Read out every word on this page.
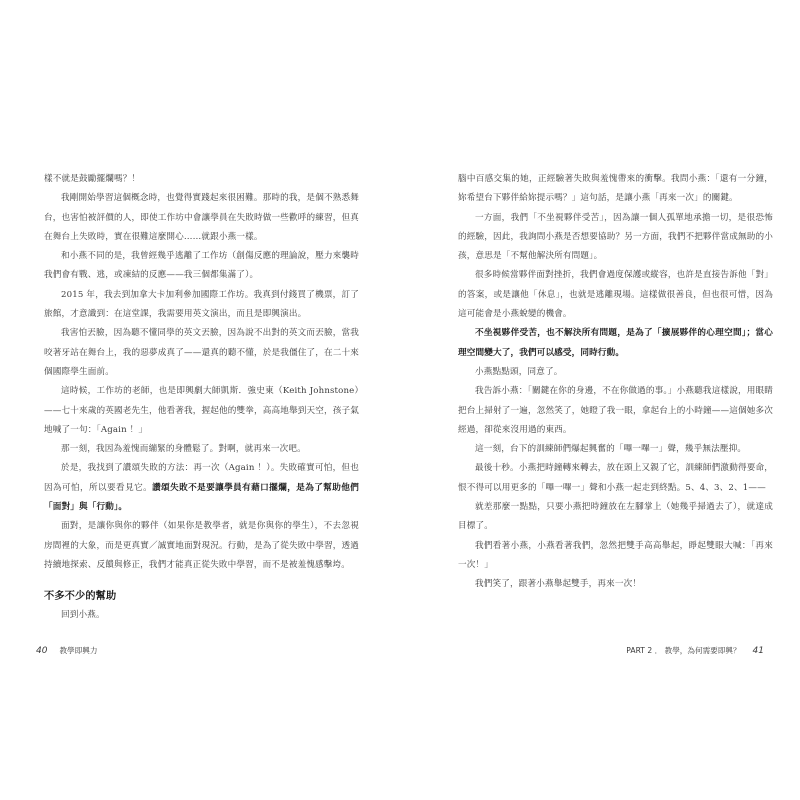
樣不就是鼓勵擺爛嗎？！

我剛開始學習這個概念時，也覺得實踐起來很困難。那時的我，是個不熟悉舞台，也害怕被評價的人，即使工作坊中會讓學員在失敗時做一些歡呼的練習，但真在舞台上失敗時，實在很難這麼開心……就跟小燕一樣。

和小燕不同的是，我曾經幾乎逃離了工作坊（創傷反應的理論說，壓力來襲時我們會有戰、逃，或凍結的反應——我三個都集滿了）。

2015 年，我去到加拿大卡加利參加國際工作坊。我真到付錢買了機票，訂了旅館，才意識到：在這堂課，我需要用英文演出，而且是即興演出。

我害怕丟臉，因為聽不懂同學的英文丟臉，因為說不出對的英文而丟臉，當我咬著牙站在舞台上，我的惡夢成真了——還真的聽不懂，於是我僵住了，在二十來個國際學生面前。

這時候，工作坊的老師，也是即興劇大師凱斯．強史東（Keith Johnstone）——七十來歲的英國老先生，他看著我，握起他的雙拳，高高地舉到天空，孩子氣地喊了一句：「Again ！」

那一刻，我因為羞愧而繃緊的身體鬆了。對啊，就再來一次吧。

於是，我找到了讚頌失敗的方法：再一次（Again ！）。失敗確實可怕，但也因為可怕，所以要看見它。讚頌失敗不是要讓學員有藉口擺爛，是為了幫助他們「面對」與「行動」。

面對，是讓你與你的夥伴（如果你是教學者，就是你與你的學生），不去忽視房間裡的大象，而是更真實／誠實地面對現況。行動，是為了從失敗中學習，透過持續地探索、反饋與修正，我們才能真正從失敗中學習，而不是被羞愧感擊垮。

不多不少的幫助

回到小燕。

腦中百感交集的她，正經驗著失敗與羞愧帶來的衝擊。我問小燕：「還有一分鐘，妳希望台下夥伴給妳提示嗎？」這句話，是讓小燕「再來一次」的關鍵。

一方面，我們「不坐視夥伴受苦」，因為讓一個人孤單地承擔一切，是很恐怖的經驗，因此，我詢問小燕是否想要協助？另一方面，我們不把夥伴當成無助的小孩，意思是「不幫他解決所有問題」。

很多時候當夥伴面對挫折，我們會過度保護或縱容，也許是直接告訴他「對」的答案，或是讓他「休息」，也就是逃離現場。這樣做很善良，但也很可惜，因為這可能會是小燕蛻變的機會。

不坐視夥伴受苦，也不解決所有問題，是為了「擴展夥伴的心理空間」；當心理空間變大了，我們可以感受，同時行動。

小燕點點頭，同意了。

我告訴小燕：「關鍵在你的身邊，不在你做過的事。」小燕聽我這樣說，用眼睛把台上掃射了一遍，忽然笑了，她瞪了我一眼，拿起台上的小時鐘——這個她多次經過，卻從來沒用過的東西。

這一刻，台下的訓練師們爆起興奮的「嗶一嗶一」聲，幾乎無法壓抑。

最後十秒。小燕把時鐘轉來轉去，放在頭上又親了它，訓練師們激動得要命，恨不得可以用更多的「嗶一嗶一」聲和小燕一起走到終點。5、4、3、2、1——

就差那麼一點點，只要小燕把時鐘放在左腳掌上（她幾乎掃過去了），就達成目標了。

我們看著小燕，小燕看著我們，忽然把雙手高高舉起，睜起雙眼大喊：「再來一次！」

我們笑了，跟著小燕舉起雙手，再來一次！

40 教學即興力	PART 2 ． 教學，為何需要即興？ 41
